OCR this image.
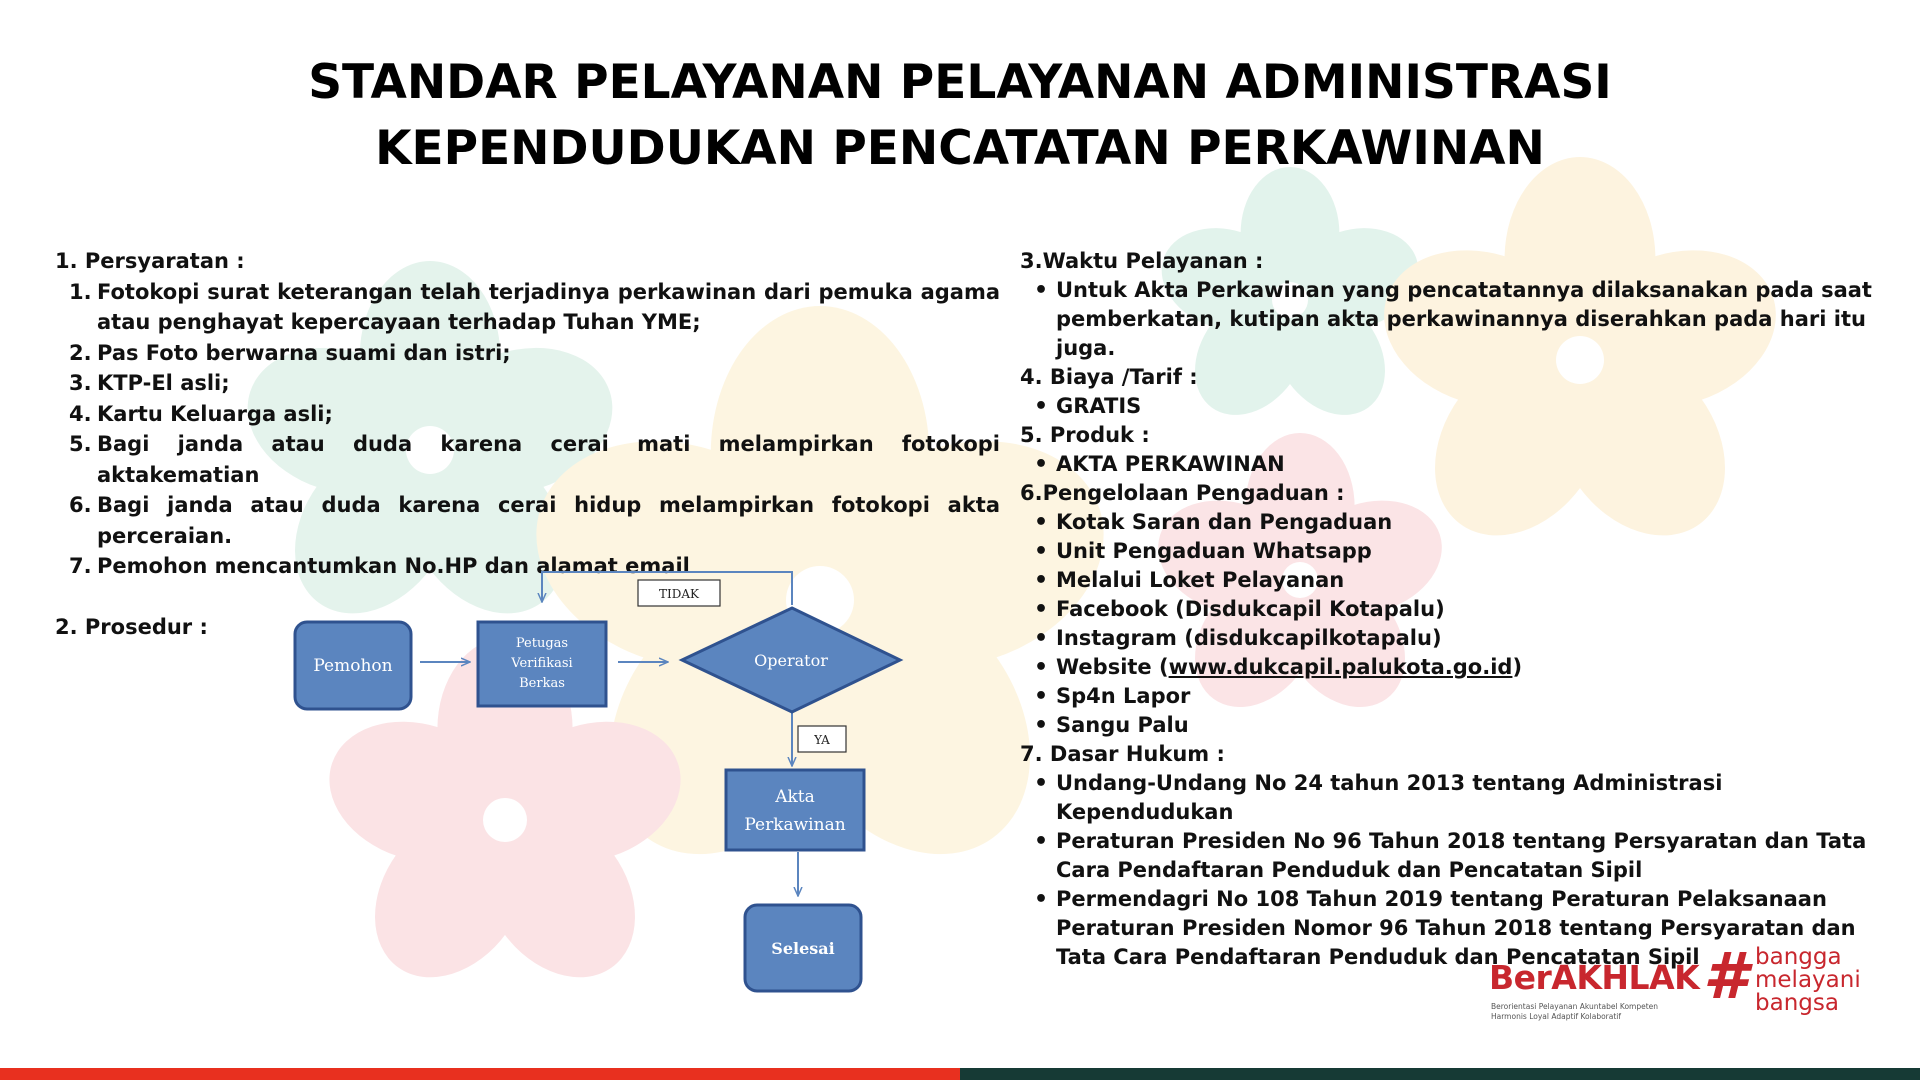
STANDAR PELAYANAN PELAYANAN ADMINISTRASI
KEPENDUDUKAN PENCATATAN PERKAWINAN
1. Persyaratan :
1. Fotokopi surat keterangan telah terjadinya perkawinan dari pemuka agama atau penghayat kepercayaan terhadap Tuhan YME;
2. Pas Foto berwarna suami dan istri;
3. KTP-El asli;
4. Kartu Keluarga asli;
5. Bagi janda atau duda karena cerai mati melampirkan fotokopi aktakematian
6. Bagi janda atau duda karena cerai hidup melampirkan fotokopi akta perceraian.
7. Pemohon mencantumkan No.HP dan alamat email
2. Prosedur :
Pemohon
Petugas
Verifikasi
Berkas
Operator
TIDAK
YA
Akta
Perkawinan
Selesai
3.Waktu Pelayanan :
•
Untuk Akta Perkawinan yang pencatatannya dilaksanakan pada saat pemberkatan, kutipan akta perkawinannya diserahkan pada hari itu juga.
4. Biaya /Tarif :
•
GRATIS
5. Produk :
•
AKTA PERKAWINAN
6.Pengelolaan Pengaduan :
•
Kotak Saran dan Pengaduan
•
Unit Pengaduan Whatsapp
•
Melalui Loket Pelayanan
•
Facebook (Disdukcapil Kotapalu)
•
Instagram (disdukcapilkotapalu)
•
Website (www.dukcapil.palukota.go.id)
•
Sp4n Lapor
•
Sangu Palu
7. Dasar Hukum :
•
Undang-Undang No 24 tahun 2013 tentang Administrasi Kependudukan
•
Peraturan Presiden No 96 Tahun 2018 tentang Persyaratan dan Tata Cara Pendaftaran Penduduk dan Pencatatan Sipil
•
Permendagri No 108 Tahun 2019 tentang Peraturan Pelaksanaan Peraturan Presiden Nomor 96 Tahun 2018 tentang Persyaratan dan Tata Cara Pendaftaran Penduduk dan Pencatatan Sipil
BerAKHLAK
Berorientasi Pelayanan Akuntabel Kompeten
Harmonis Loyal Adaptif Kolaboratif
# bangga
melayani
bangsa
